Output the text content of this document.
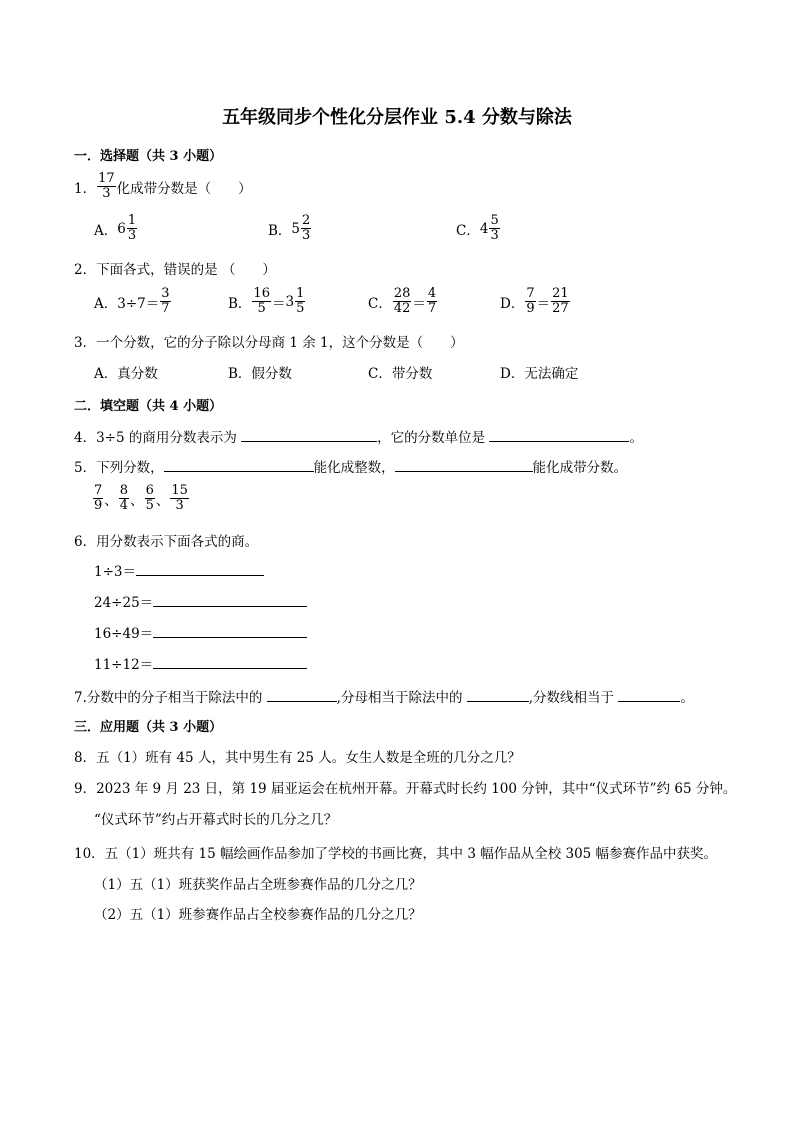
五年级同步个性化分层作业 5.4 分数与除法
一．选择题（共 3 小题）
1． $\frac{17}{3}$ 化成带分数是（　　）
A． $6 \frac{1}{3}$	B． $5 \frac{2}{3}$	C． $4 \frac{5}{3}$
2．下面各式，错误的是 （　　）
A． $3\div 7= \frac{3}{7}$	B． $\frac{16}{5} = 3 \frac{1}{5}$	C． $\frac{28}{42} = \frac{4}{7}$	D． $\frac{7}{9} = \frac{21}{27}$
3．一个分数，它的分子除以分母商 1 余 1，这个分数是（　　）
A．真分数	B．假分数	C．带分数	D．无法确定
二．填空题（共 4 小题）
4．3÷5 的商用分数表示为	，它的分数单位是	。
5．下列分数，	能化成整数，	能化成带分数。
$\frac{7}{9}$ 、 $\frac{8}{4}$ 、 $\frac{6}{5}$ 、 $\frac{15}{3}$
6．用分数表示下面各式的商。
1÷3＝
24÷25＝
16÷49＝
11÷12＝
7.分数中的分子相当于除法中的	,分母相当于除法中的	,分数线相当于	。
三．应用题（共 3 小题）
8．五（1）班有 45 人，其中男生有 25 人。女生人数是全班的几分之几？
9．2023 年 9 月 23 日，第 19 届亚运会在杭州开幕。开幕式时长约 100 分钟，其中“仪式环节”约 65 分钟。
“仪式环节”约占开幕式时长的几分之几？
10．五（1）班共有 15 幅绘画作品参加了学校的书画比赛，其中 3 幅作品从全校 305 幅参赛作品中获奖。
（1）五（1）班获奖作品占全班参赛作品的几分之几？
（2）五（1）班参赛作品占全校参赛作品的几分之几？
